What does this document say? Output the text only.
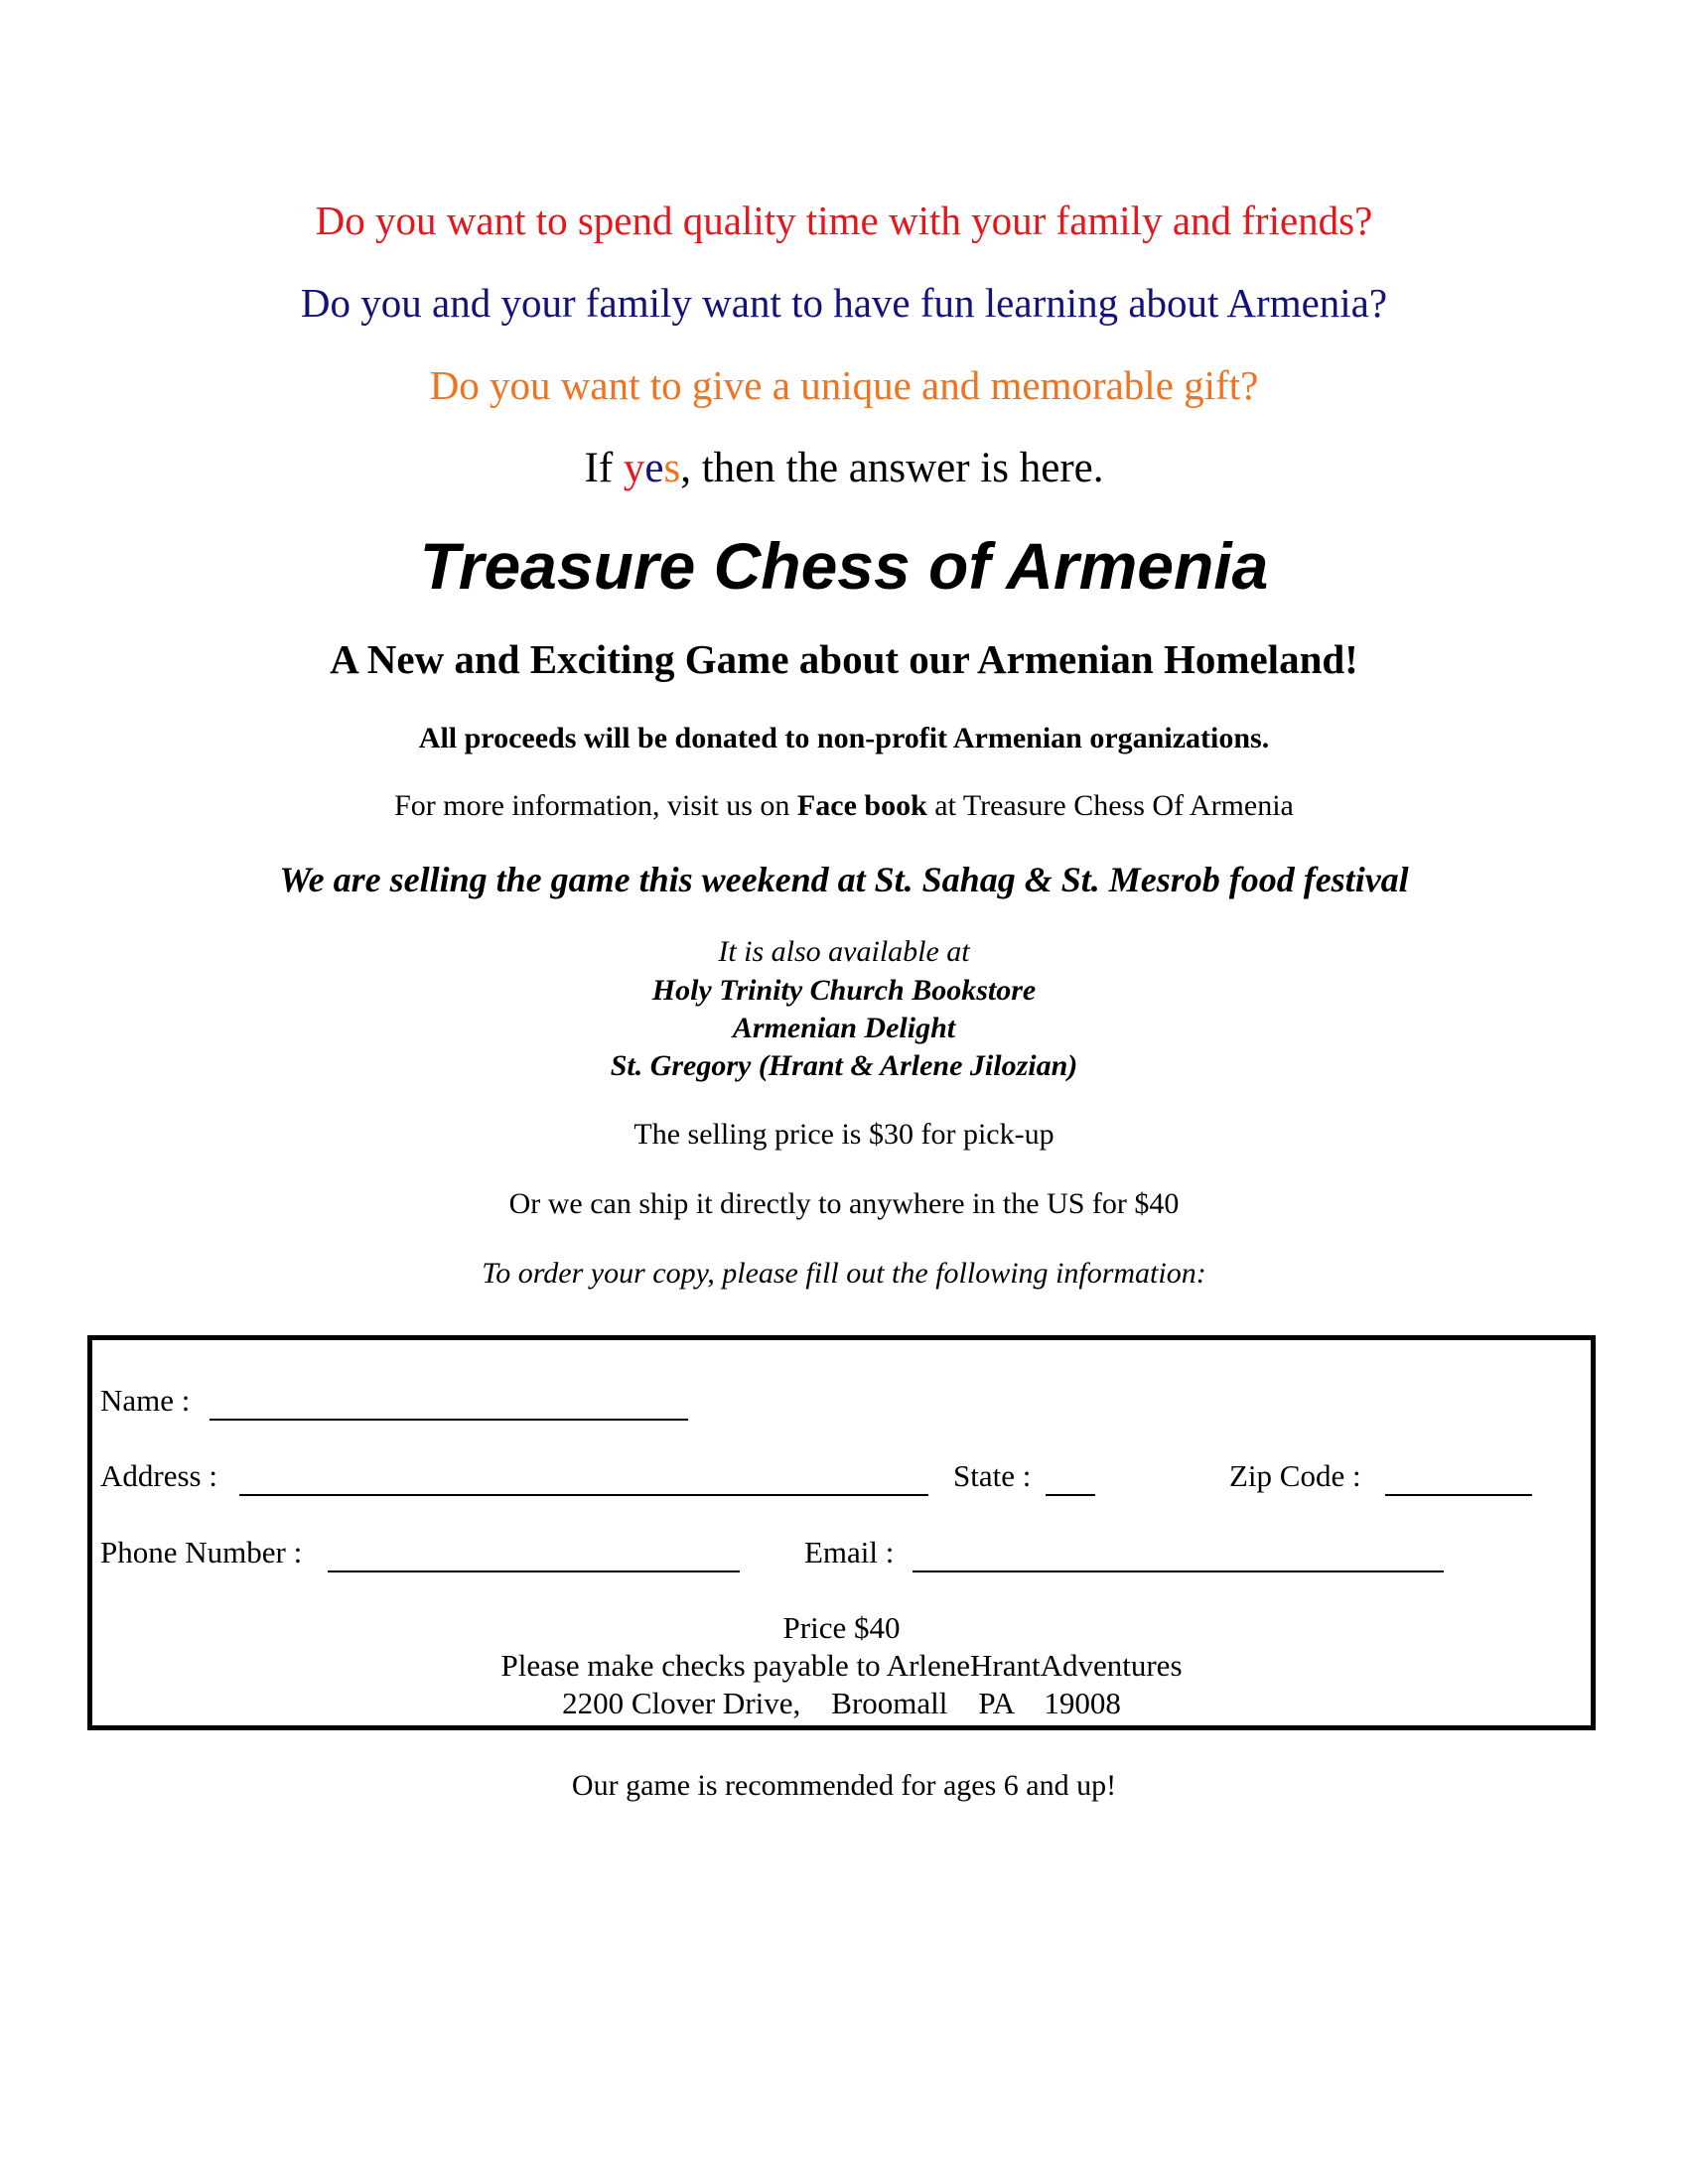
Do you want to spend quality time with your family and friends?
Do you and your family want to have fun learning about Armenia?
Do you want to give a unique and memorable gift?
If yes, then the answer is here.
Treasure Chess of Armenia
A New and Exciting Game about our Armenian Homeland!
All proceeds will be donated to non-profit Armenian organizations.
For more information, visit us on Face book at Treasure Chess Of Armenia
We are selling the game this weekend at St. Sahag & St. Mesrob food festival
It is also available at
Holy Trinity Church Bookstore
Armenian Delight
St. Gregory (Hrant & Arlene Jilozian)
The selling price is $30 for pick-up
Or we can ship it directly to anywhere in the US for $40
To order your copy, please fill out the following information:
Name :
Address :	State :	Zip Code :
Phone Number :	Email :
Price $40
Please make checks payable to ArleneHrantAdventures
2200 Clover Drive,    Broomall    PA    19008
Our game is recommended for ages 6 and up!
